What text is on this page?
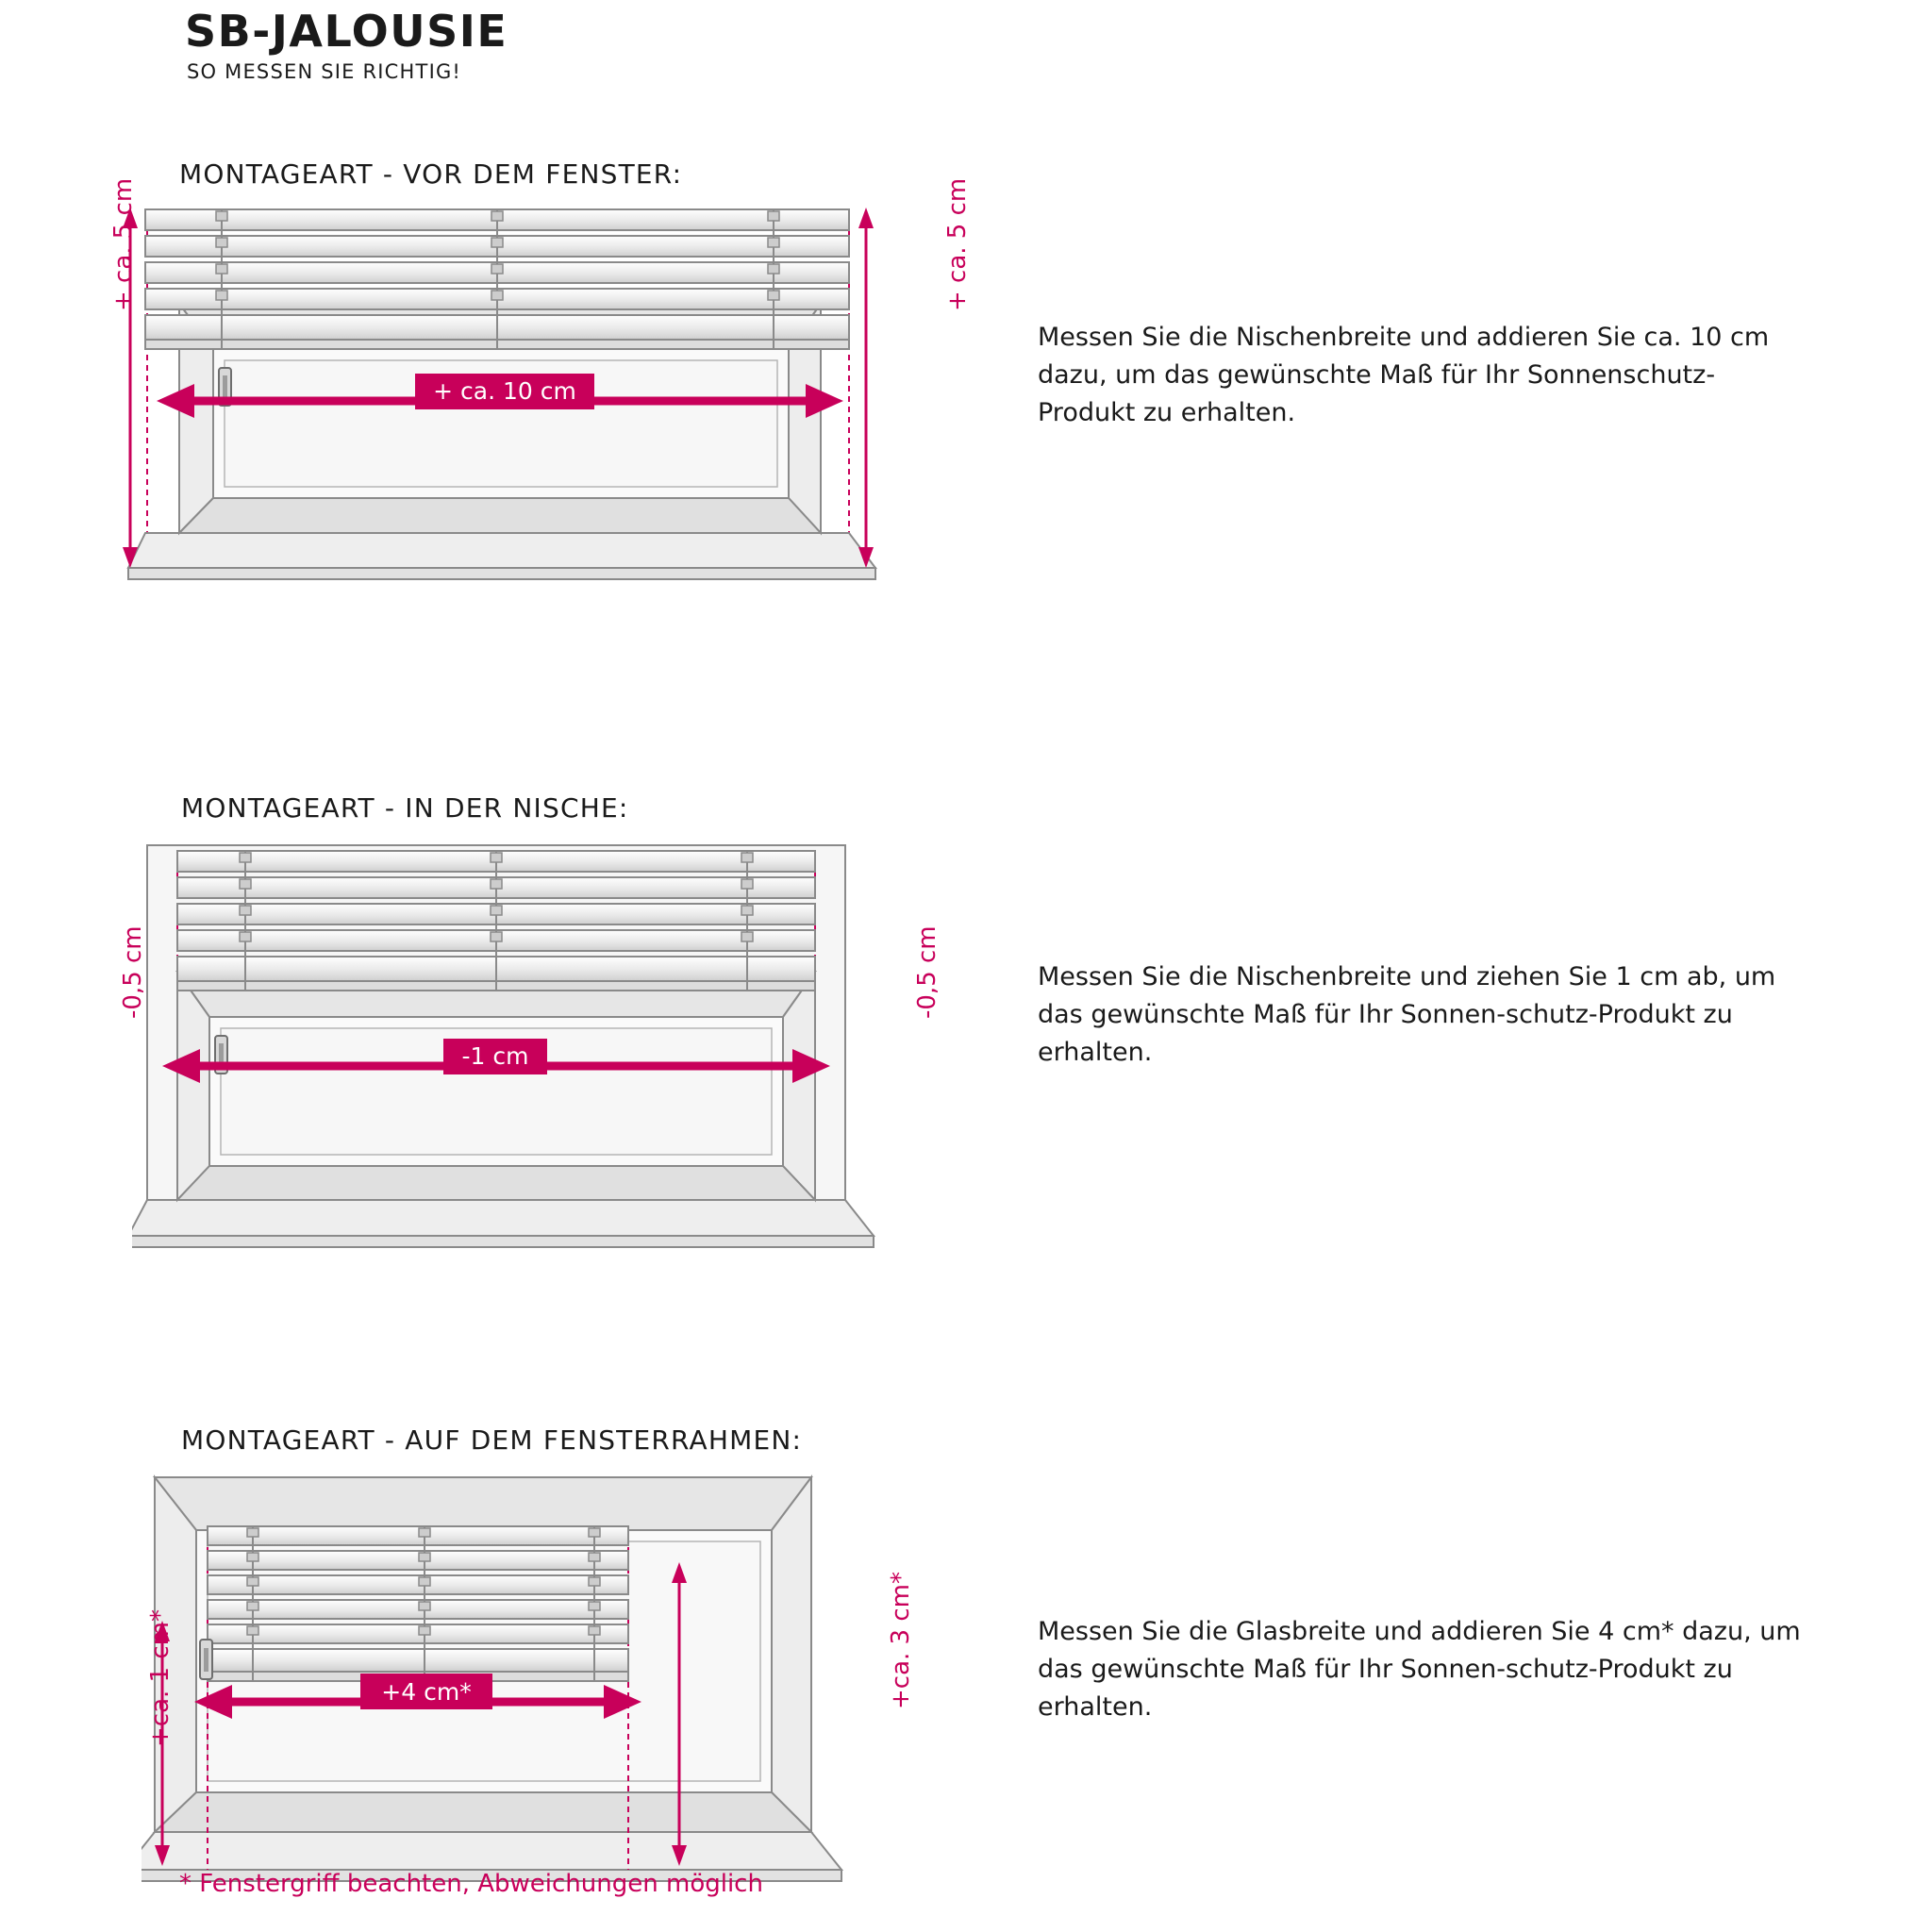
SB-JALOUSIE
SO MESSEN SIE RICHTIG!
MONTAGEART - VOR DEM FENSTER:
+ ca. 10 cm
+ ca. 5 cm	+ ca. 5 cm
Messen Sie die Nischenbreite und addieren Sie ca. 10 cm dazu, um das gewünschte Maß für Ihr Sonnenschutz-Produkt zu erhalten.
MONTAGEART - IN DER NISCHE:
-1 cm
-0,5 cm	-0,5 cm	Messen Sie die Nischenbreite und ziehen Sie 1 cm ab, um das gewünschte Maß für Ihr Sonnen-schutz-Produkt zu erhalten.
MONTAGEART - AUF DEM FENSTERRAHMEN:
+4 cm*
+ca. 1 cm*	+ca. 3 cm*	Messen Sie die Glasbreite und addieren Sie 4 cm* dazu, um das gewünschte Maß für Ihr Sonnen-schutz-Produkt zu erhalten.
* Fenstergriff beachten, Abweichungen möglich
